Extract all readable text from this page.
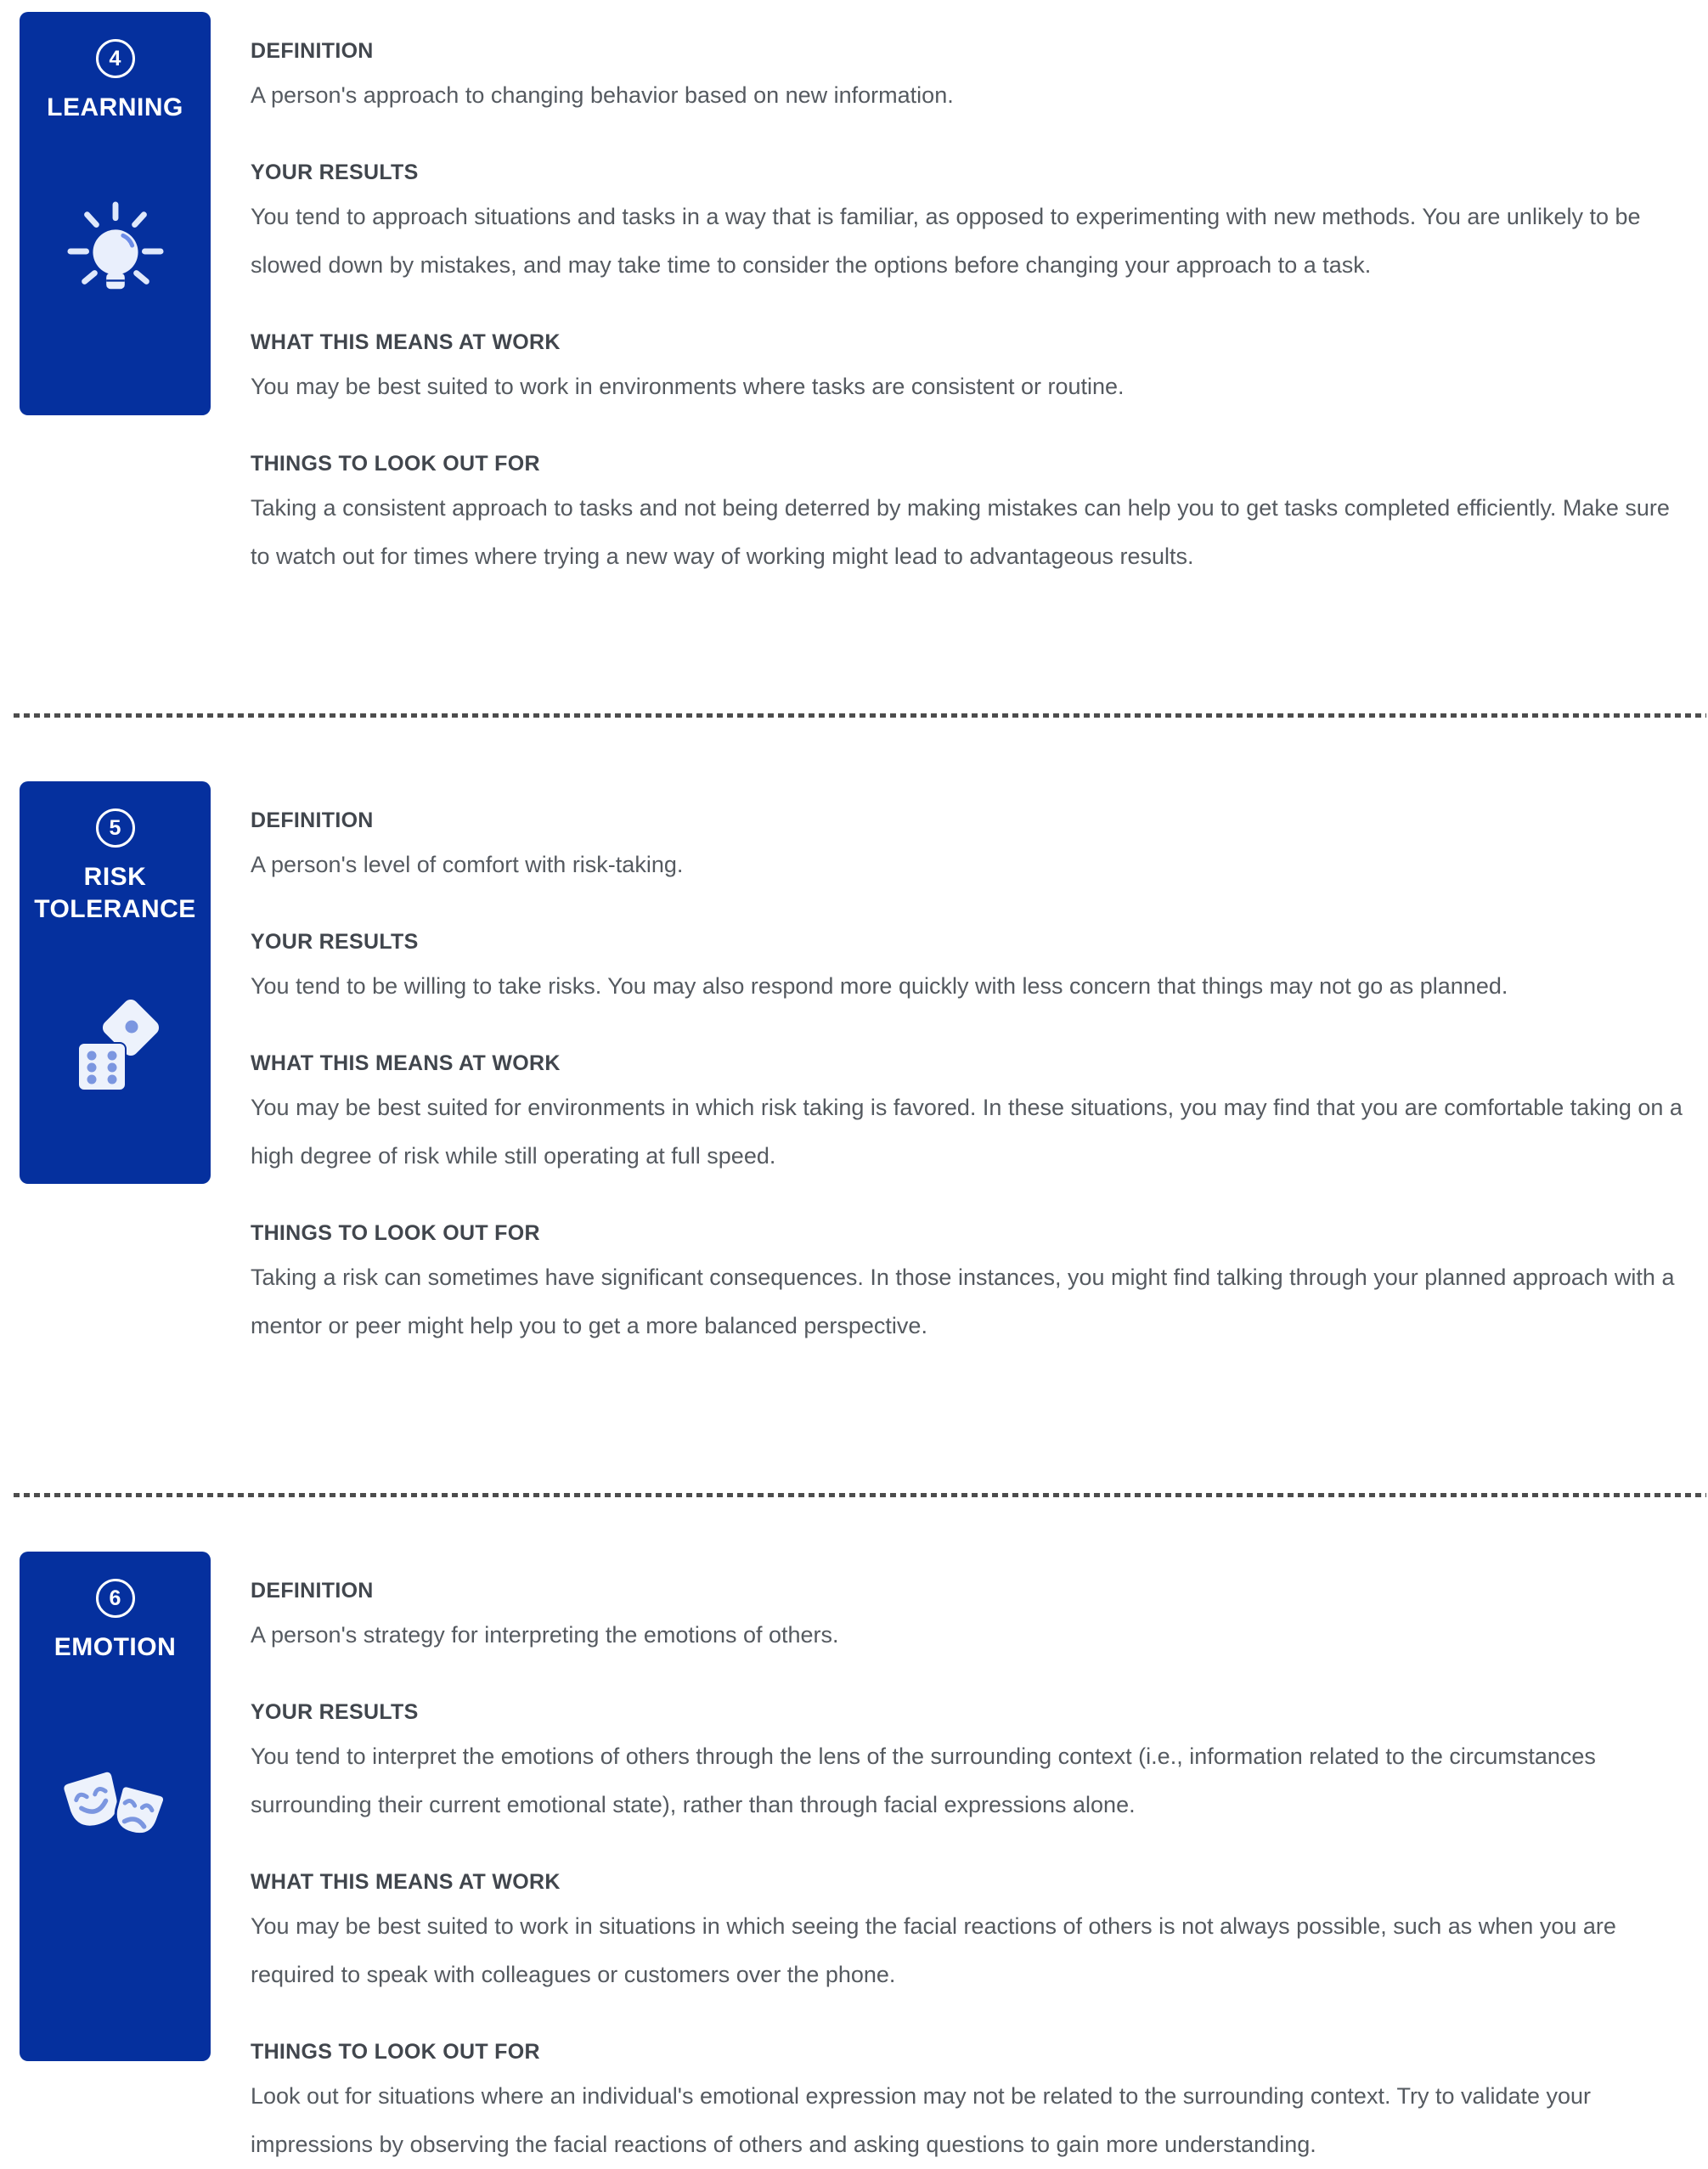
4
LEARNING
DEFINITION

A person's approach to changing behavior based on new information.

YOUR RESULTS

You tend to approach situations and tasks in a way that is familiar, as opposed to experimenting with new methods. You are unlikely to be slowed down by mistakes, and may take time to consider the options before changing your approach to a task.

WHAT THIS MEANS AT WORK

You may be best suited to work in environments where tasks are consistent or routine.

THINGS TO LOOK OUT FOR

Taking a consistent approach to tasks and not being deterred by making mistakes can help you to get tasks completed efficiently. Make sure to watch out for times where trying a new way of working might lead to advantageous results.

5
RISK TOLERANCE
DEFINITION

A person's level of comfort with risk-taking.

YOUR RESULTS

You tend to be willing to take risks. You may also respond more quickly with less concern that things may not go as planned.

WHAT THIS MEANS AT WORK

You may be best suited for environments in which risk taking is favored. In these situations, you may find that you are comfortable taking on a high degree of risk while still operating at full speed.

THINGS TO LOOK OUT FOR

Taking a risk can sometimes have significant consequences. In those instances, you might find talking through your planned approach with a mentor or peer might help you to get a more balanced perspective.

6
EMOTION
DEFINITION

A person's strategy for interpreting the emotions of others.

YOUR RESULTS

You tend to interpret the emotions of others through the lens of the surrounding context (i.e., information related to the circumstances surrounding their current emotional state), rather than through facial expressions alone.

WHAT THIS MEANS AT WORK

You may be best suited to work in situations in which seeing the facial reactions of others is not always possible, such as when you are required to speak with colleagues or customers over the phone.

THINGS TO LOOK OUT FOR

Look out for situations where an individual's emotional expression may not be related to the surrounding context. Try to validate your impressions by observing the facial reactions of others and asking questions to gain more understanding.
